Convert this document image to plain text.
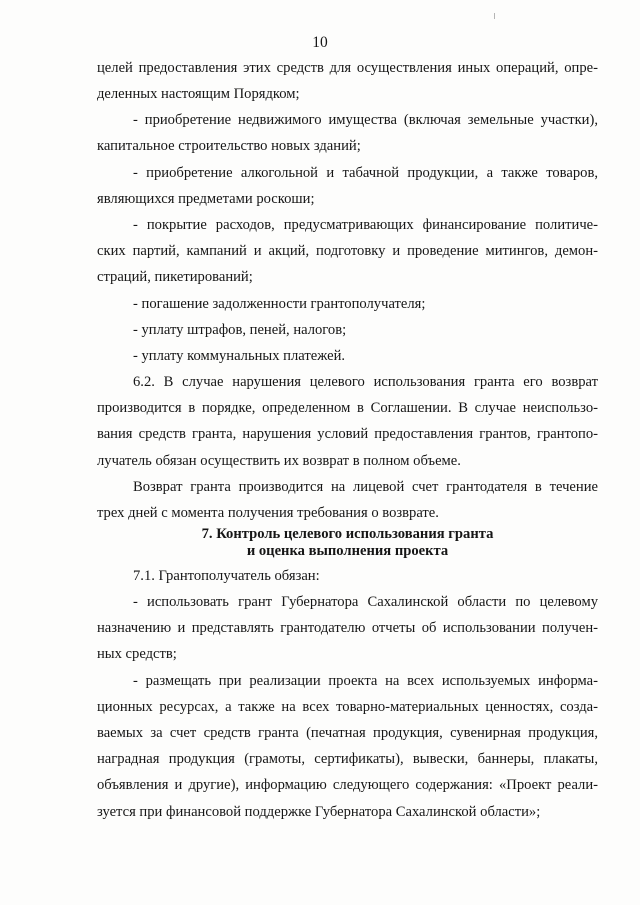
10
целей предоставления этих средств для осуществления иных операций, опре-
деленных настоящим Порядком;
- приобретение недвижимого имущества (включая земельные участки),
капитальное строительство новых зданий;
- приобретение алкогольной и табачной продукции, а также товаров,
являющихся предметами роскоши;
- покрытие расходов, предусматривающих финансирование политиче-
ских партий, кампаний и акций, подготовку и проведение митингов, демон-
страций, пикетирований;
- погашение задолженности грантополучателя;
- уплату штрафов, пеней, налогов;
- уплату коммунальных платежей.
6.2. В случае нарушения целевого использования гранта его возврат
производится в порядке, определенном в Соглашении. В случае неиспользо-
вания средств гранта, нарушения условий предоставления грантов, грантопо-
лучатель обязан осуществить их возврат в полном объеме.
Возврат гранта производится на лицевой счет грантодателя в течение
трех дней с момента получения требования о возврате.
7. Контроль целевого использования гранта
и оценка выполнения проекта
7.1. Грантополучатель обязан:
- использовать грант Губернатора Сахалинской области по целевому
назначению и представлять грантодателю отчеты об использовании получен-
ных средств;
- размещать при реализации проекта на всех используемых информа-
ционных ресурсах, а также на всех товарно-материальных ценностях, созда-
ваемых за счет средств гранта (печатная продукция, сувенирная продукция,
наградная продукция (грамоты, сертификаты), вывески, баннеры, плакаты,
объявления и другие), информацию следующего содержания: «Проект реали-
зуется при финансовой поддержке Губернатора Сахалинской области»;
